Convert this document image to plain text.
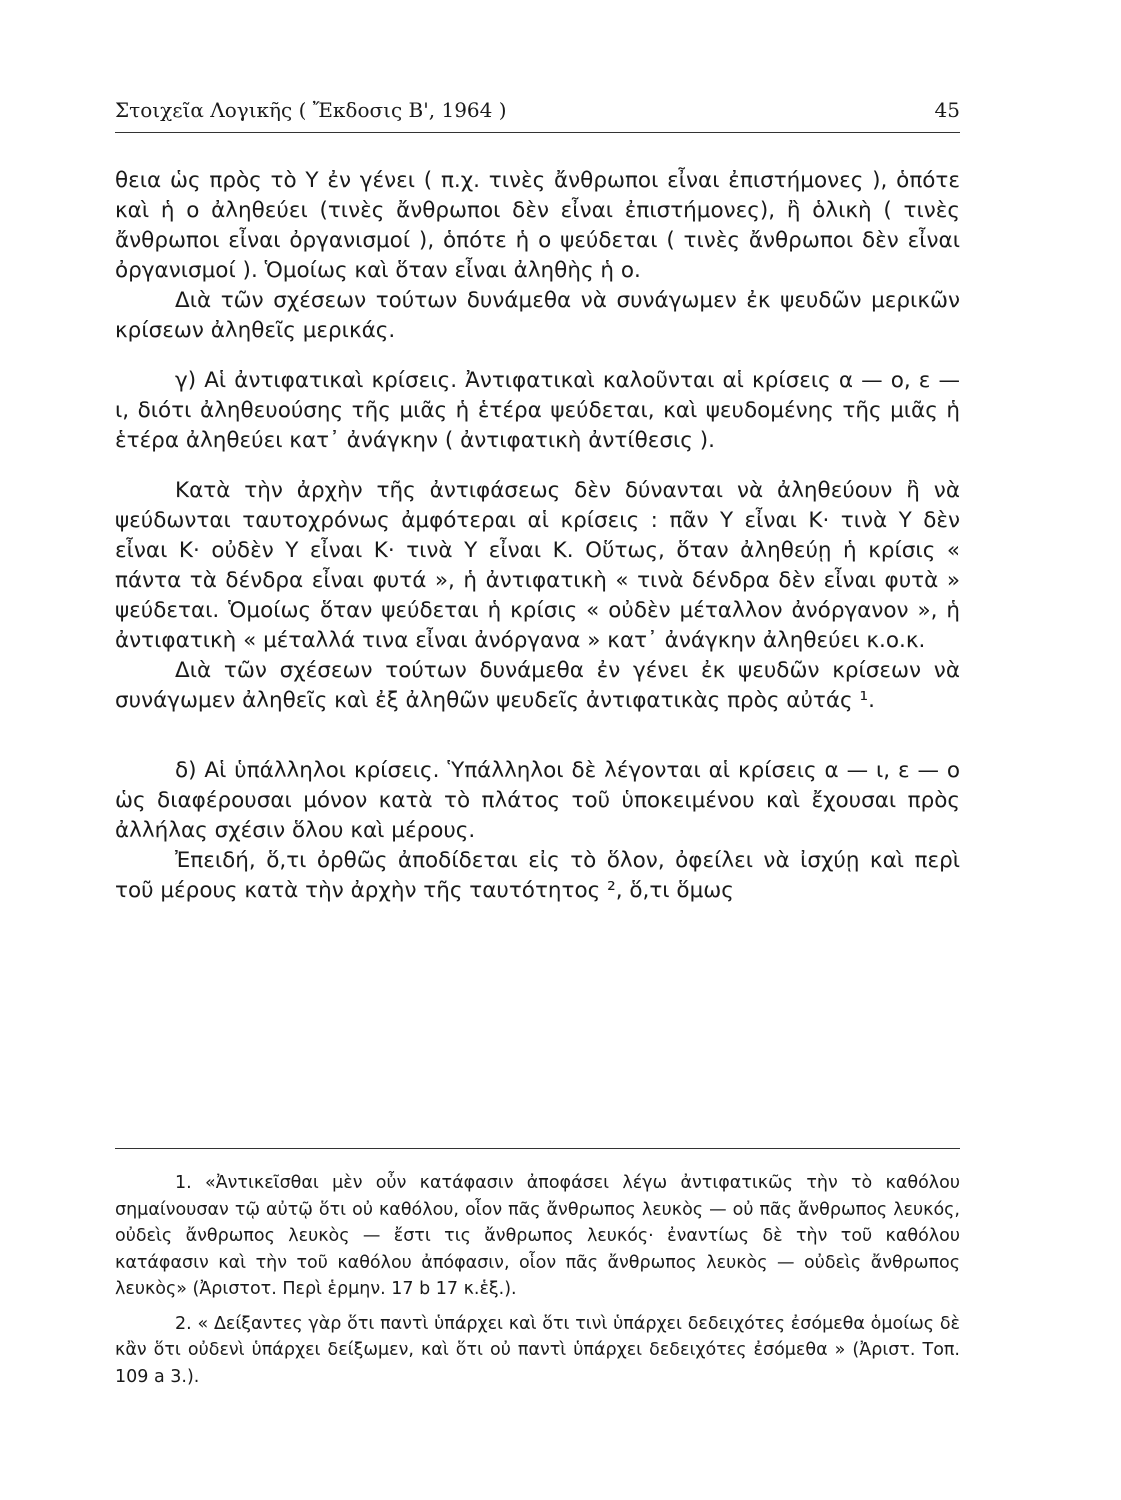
Στοιχεῖα Λογικῆς ( Ἔκδοσις Β', 1964 )	45

θεια ὡς πρὸς τὸ Υ ἐν γένει ( π.χ. τινὲς ἄνθρωποι εἶναι ἐπιστήμονες ), ὁπότε καὶ ἡ ο ἀληθεύει (τινὲς ἄνθρωποι δὲν εἶναι ἐπιστήμονες), ἢ ὁλικὴ ( τινὲς ἄνθρωποι εἶναι ὀργανισμοί ), ὁπότε ἡ ο ψεύδεται ( τινὲς ἄνθρωποι δὲν εἶναι ὀργανισμοί ). Ὁμοίως καὶ ὅταν εἶναι ἀληθὴς ἡ ο.

Διὰ τῶν σχέσεων τούτων δυνάμεθα νὰ συνάγωμεν ἐκ ψευδῶν μερικῶν κρίσεων ἀληθεῖς μερικάς.

γ) Αἱ ἀντιφατικαὶ κρίσεις. Ἀντιφατικαὶ καλοῦνται αἱ κρίσεις α — ο, ε — ι, διότι ἀληθευούσης τῆς μιᾶς ἡ ἑτέρα ψεύδεται, καὶ ψευδομένης τῆς μιᾶς ἡ ἑτέρα ἀληθεύει κατ᾿ ἀνάγκην ( ἀντιφατικὴ ἀντίθεσις ).

Κατὰ τὴν ἀρχὴν τῆς ἀντιφάσεως δὲν δύνανται νὰ ἀληθεύουν ἢ νὰ ψεύδωνται ταυτοχρόνως ἀμφότεραι αἱ κρίσεις : πᾶν Υ εἶναι Κ· τινὰ Υ δὲν εἶναι Κ· οὐδὲν Υ εἶναι Κ· τινὰ Υ εἶναι Κ. Οὕτως, ὅταν ἀληθεύῃ ἡ κρίσις « πάντα τὰ δένδρα εἶναι φυτά », ἡ ἀντιφατικὴ « τινὰ δένδρα δὲν εἶναι φυτὰ » ψεύδεται. Ὁμοίως ὅταν ψεύδεται ἡ κρίσις « οὐδὲν μέταλλον ἀνόργανον », ἡ ἀντιφατικὴ « μέταλλά τινα εἶναι ἀνόργανα » κατ᾿ ἀνάγκην ἀληθεύει κ.ο.κ.

Διὰ τῶν σχέσεων τούτων δυνάμεθα ἐν γένει ἐκ ψευδῶν κρίσεων νὰ συνάγωμεν ἀληθεῖς καὶ ἐξ ἀληθῶν ψευδεῖς ἀντιφατικὰς πρὸς αὐτάς ¹.

δ) Αἱ ὑπάλληλοι κρίσεις. Ὑπάλληλοι δὲ λέγονται αἱ κρίσεις α — ι, ε — ο ὡς διαφέρουσαι μόνον κατὰ τὸ πλάτος τοῦ ὑποκειμένου καὶ ἔχουσαι πρὸς ἀλλήλας σχέσιν ὅλου καὶ μέρους.

Ἐπειδή, ὅ,τι ὀρθῶς ἀποδίδεται εἰς τὸ ὅλον, ὀφείλει νὰ ἰσχύῃ καὶ περὶ τοῦ μέρους κατὰ τὴν ἀρχὴν τῆς ταυτότητος ², ὅ,τι ὅμως

1. «Ἀντικεῖσθαι μὲν οὖν κατάφασιν ἀποφάσει λέγω ἀντιφατικῶς τὴν τὸ καθόλου σημαίνουσαν τῷ αὐτῷ ὅτι οὐ καθόλου, οἷον πᾶς ἄνθρωπος λευκὸς — οὐ πᾶς ἄνθρωπος λευκός, οὐδεὶς ἄνθρωπος λευκὸς — ἔστι τις ἄνθρωπος λευκός· ἐναντίως δὲ τὴν τοῦ καθόλου κατάφασιν καὶ τὴν τοῦ καθόλου ἀπόφασιν, οἷον πᾶς ἄνθρωπος λευκὸς — οὐδεὶς ἄνθρωπος λευκὸς» (Ἀριστοτ. Περὶ ἑρμην. 17 b 17 κ.ἑξ.).

2. « Δείξαντες γὰρ ὅτι παντὶ ὑπάρχει καὶ ὅτι τινὶ ὑπάρχει δεδειχότες ἐσόμεθα ὁμοίως δὲ κἂν ὅτι οὐδενὶ ὑπάρχει δείξωμεν, καὶ ὅτι οὐ παντὶ ὑπάρχει δεδειχότες ἐσόμεθα » (Ἀριστ. Τοπ. 109 a 3.).
